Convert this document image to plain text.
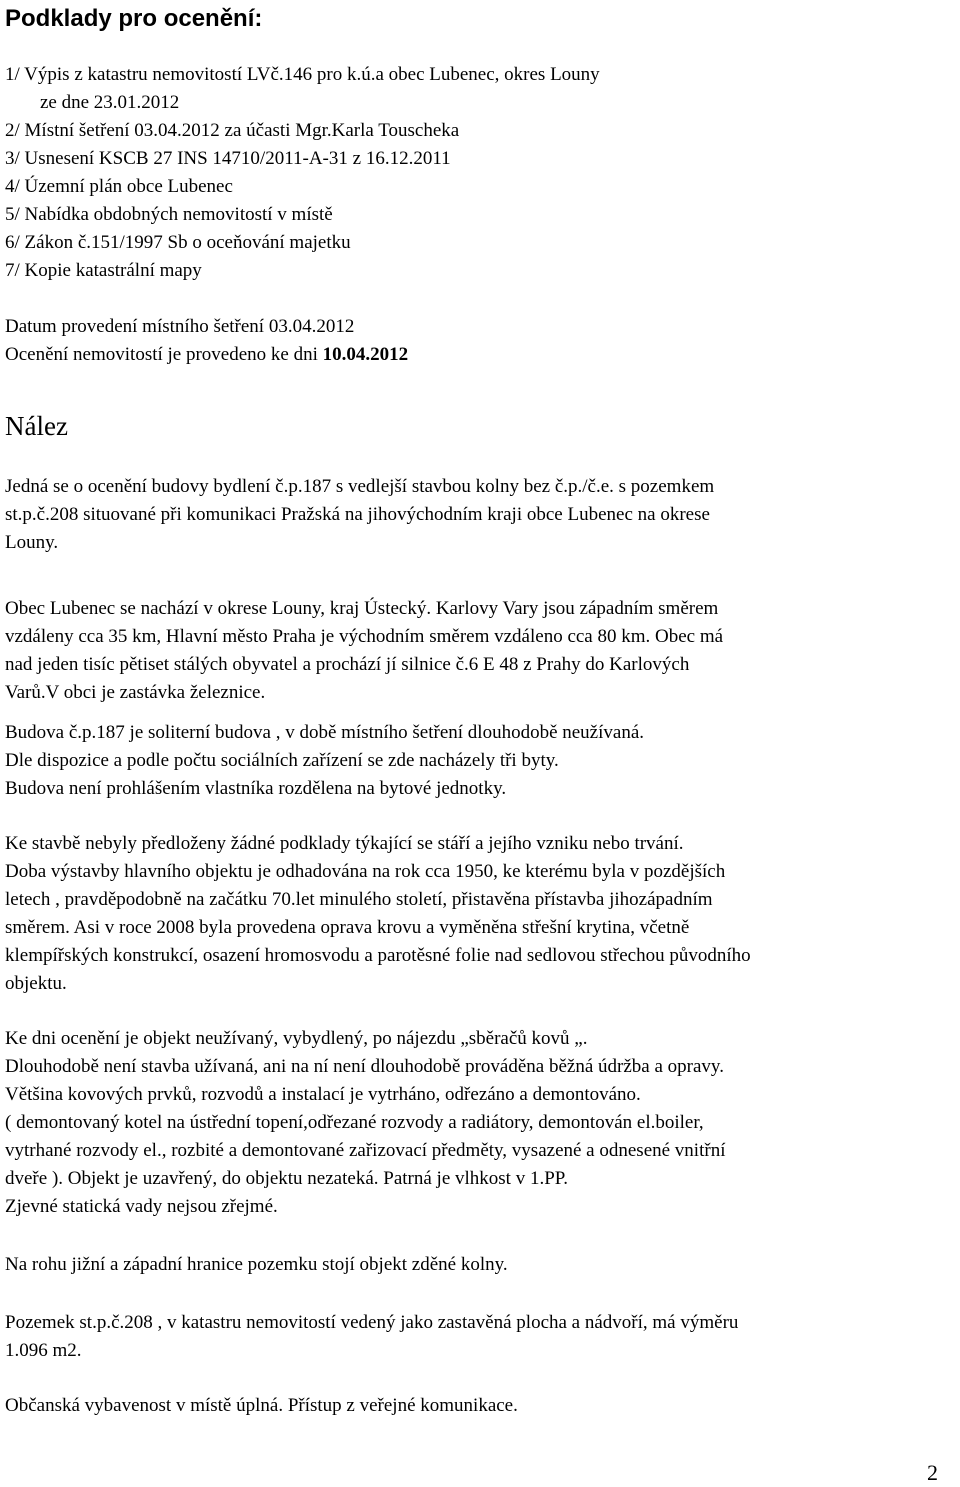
Podklady pro ocenění:
1/ Výpis z katastru nemovitostí LVč.146 pro k.ú.a obec Lubenec, okres Louny
ze dne 23.01.2012
2/ Místní šetření 03.04.2012 za účasti Mgr.Karla Touscheka
3/ Usnesení KSCB 27 INS 14710/2011-A-31 z 16.12.2011
4/ Územní plán obce Lubenec
5/ Nabídka obdobných nemovitostí v místě
6/ Zákon č.151/1997 Sb o oceňování majetku
7/ Kopie katastrální mapy
Datum provedení místního šetření 03.04.2012
Ocenění nemovitostí je provedeno ke dni 10.04.2012
Nález
Jedná se o ocenění budovy bydlení č.p.187 s vedlejší stavbou kolny bez č.p./č.e. s pozemkem
st.p.č.208 situované při komunikaci Pražská na jihovýchodním kraji obce Lubenec na okrese
Louny.
Obec Lubenec se nachází v okrese Louny, kraj Ústecký. Karlovy Vary jsou západním směrem
vzdáleny cca 35 km, Hlavní město Praha je východním směrem vzdáleno cca 80 km. Obec má
nad jeden tisíc pětiset stálých obyvatel a prochází jí silnice č.6 E 48 z Prahy do Karlových
Varů.V obci je zastávka železnice.
Budova č.p.187 je soliterní budova , v době místního šetření dlouhodobě neužívaná.
Dle dispozice a podle počtu sociálních zařízení se zde nacházely tři byty.
Budova není prohlášením vlastníka rozdělena na bytové jednotky.
Ke stavbě nebyly předloženy žádné podklady týkající se stáří a jejího vzniku nebo trvání.
Doba výstavby hlavního objektu je odhadována na rok cca 1950, ke kterému byla v pozdějších
letech , pravděpodobně na začátku 70.let minulého století, přistavěna přístavba jihozápadním
směrem. Asi v roce 2008 byla provedena oprava krovu a vyměněna střešní krytina, včetně
klempířských konstrukcí, osazení hromosvodu a parotěsné folie nad sedlovou střechou původního
objektu.
Ke dni ocenění je objekt neužívaný, vybydlený, po nájezdu „sběračů kovů „.
Dlouhodobě není stavba užívaná, ani na ní není dlouhodobě prováděna běžná údržba a opravy.
Většina kovových prvků, rozvodů a instalací je vytrháno, odřezáno a demontováno.
( demontovaný kotel na ústřední topení,odřezané rozvody a radiátory, demontován el.boiler,
vytrhané rozvody el., rozbité a demontované zařizovací předměty, vysazené a odnesené vnitřní
dveře ). Objekt je uzavřený, do objektu nezateká. Patrná je vlhkost v 1.PP.
Zjevné statická vady nejsou zřejmé.
Na rohu jižní a západní hranice pozemku stojí objekt zděné kolny.
Pozemek st.p.č.208 , v katastru nemovitostí vedený jako zastavěná plocha a nádvoří, má výměru
1.096 m2.
Občanská vybavenost v místě úplná. Přístup z veřejné komunikace.
2
